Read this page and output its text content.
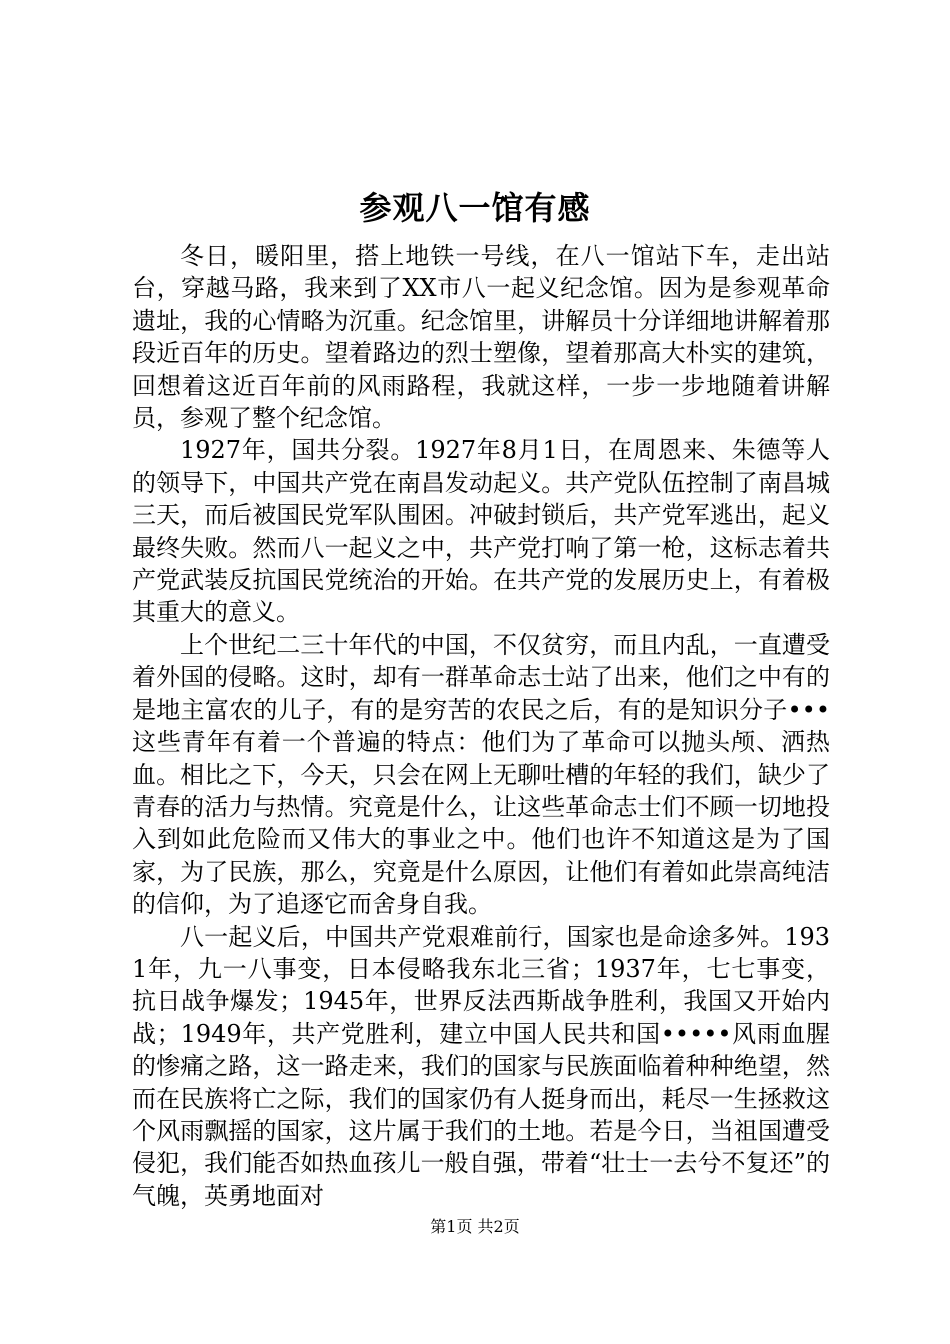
参观八一馆有感

冬日，暖阳里，搭上地铁一号线，在八一馆站下车，走出站台，穿越马路，我来到了XX市八一起义纪念馆。因为是参观革命遗址，我的心情略为沉重。纪念馆里，讲解员十分详细地讲解着那段近百年的历史。望着路边的烈士塑像，望着那高大朴实的建筑，回想着这近百年前的风雨路程，我就这样，一步一步地随着讲解员，参观了整个纪念馆。

1927年，国共分裂。1927年8月1日，在周恩来、朱德等人的领导下，中国共产党在南昌发动起义。共产党队伍控制了南昌城三天，而后被国民党军队围困。冲破封锁后，共产党军逃出，起义最终失败。然而八一起义之中，共产党打响了第一枪，这标志着共产党武装反抗国民党统治的开始。在共产党的发展历史上，有着极其重大的意义。

上个世纪二三十年代的中国，不仅贫穷，而且内乱，一直遭受着外国的侵略。这时，却有一群革命志士站了出来，他们之中有的是地主富农的儿子，有的是穷苦的农民之后，有的是知识分子•••这些青年有着一个普遍的特点：他们为了革命可以抛头颅、洒热血。相比之下，今天，只会在网上无聊吐槽的年轻的我们，缺少了青春的活力与热情。究竟是什么，让这些革命志士们不顾一切地投入到如此危险而又伟大的事业之中。他们也许不知道这是为了国家，为了民族，那么，究竟是什么原因，让他们有着如此崇高纯洁的信仰，为了追逐它而舍身自我。

八一起义后，中国共产党艰难前行，国家也是命途多舛。1931年，九一八事变，日本侵略我东北三省；1937年，七七事变，抗日战争爆发；1945年，世界反法西斯战争胜利，我国又开始内战；1949年，共产党胜利，建立中国人民共和国•••••风雨血腥的惨痛之路，这一路走来，我们的国家与民族面临着种种绝望，然而在民族将亡之际，我们的国家仍有人挺身而出，耗尽一生拯救这个风雨飘摇的国家，这片属于我们的土地。若是今日，当祖国遭受侵犯，我们能否如热血孩儿一般自强，带着“壮士一去兮不复还”的气魄，英勇地面对

第1页 共2页
